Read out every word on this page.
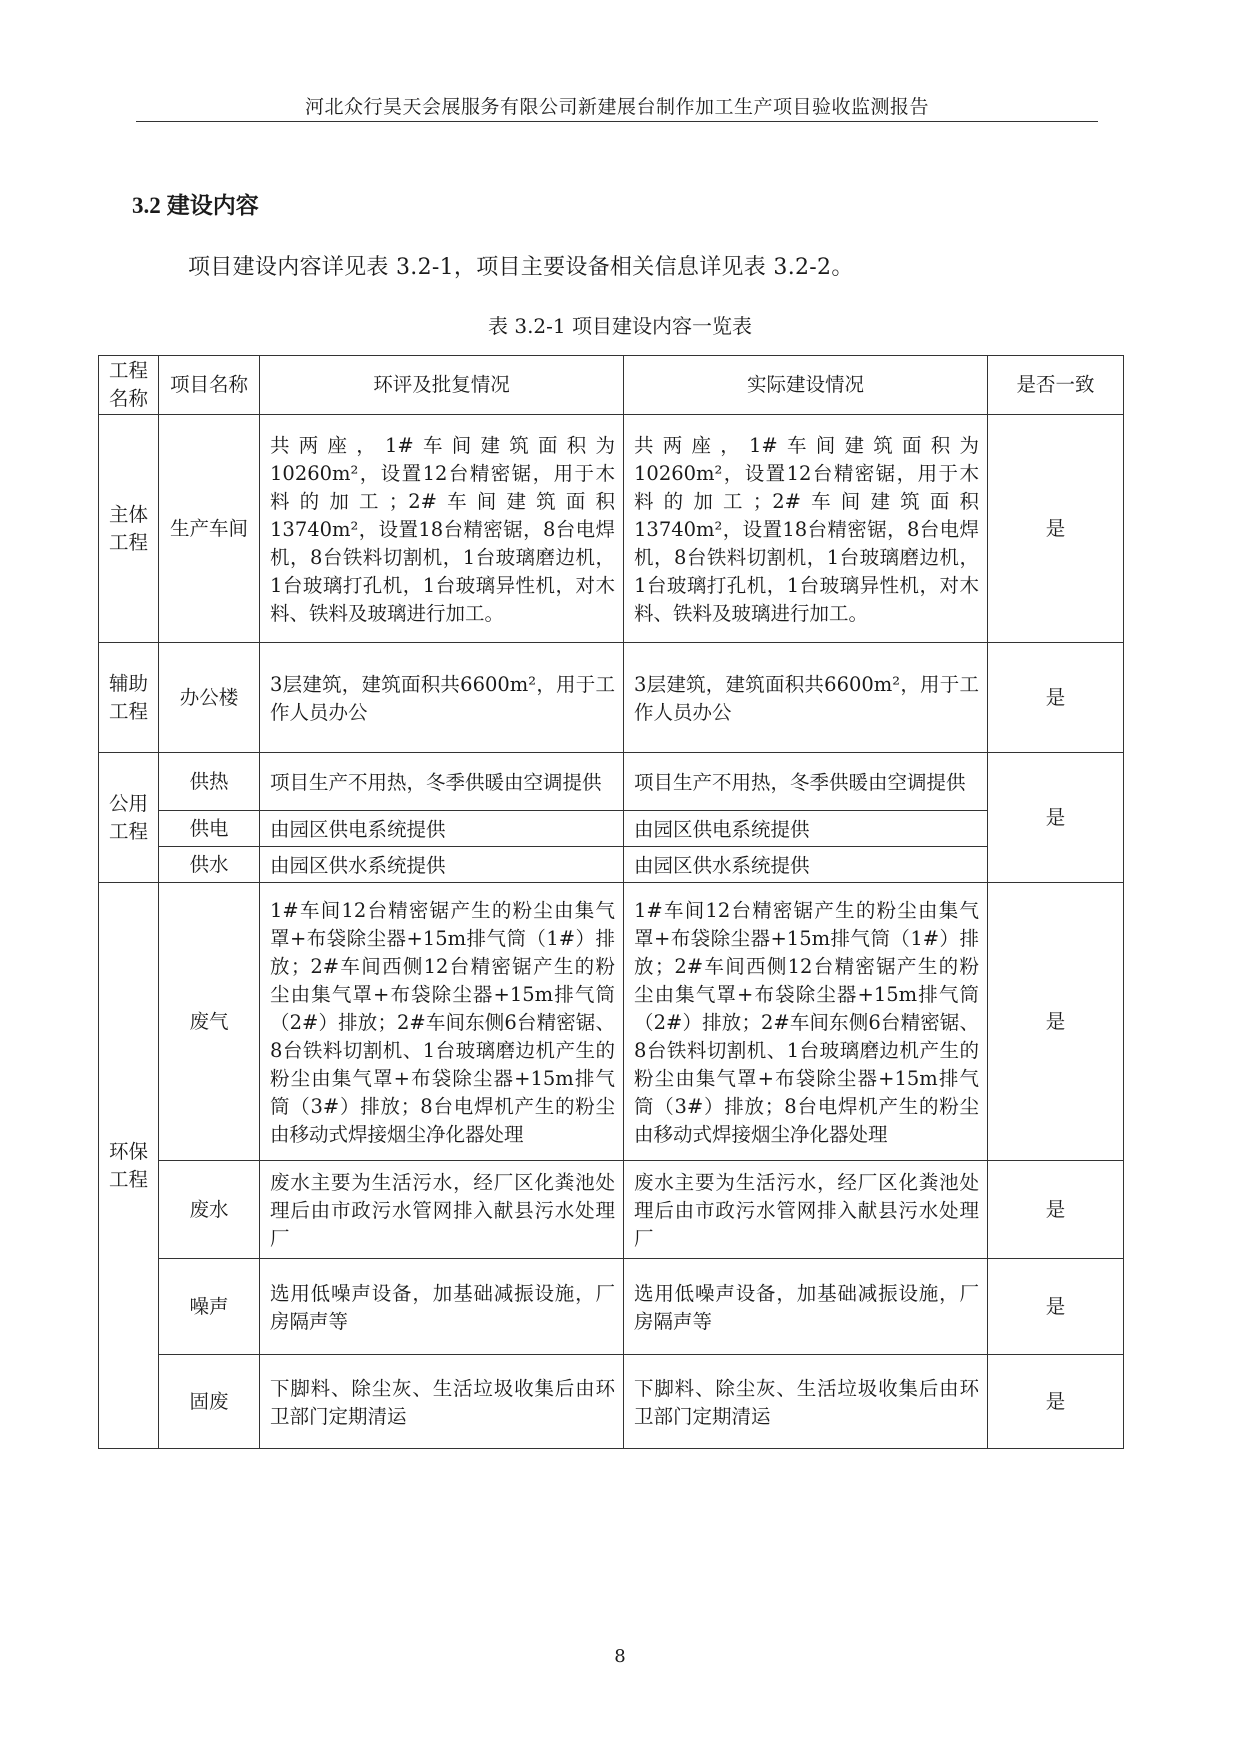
河北众行昊天会展服务有限公司新建展台制作加工生产项目验收监测报告
3.2 建设内容
项目建设内容详见表 3.2-1，项目主要设备相关信息详见表 3.2-2。
表 3.2-1 项目建设内容一览表
工程名称	项目名称	环评及批复情况	实际建设情况	是否一致
主体工程	生产车间	共两座，1#车间建筑面积为10260m²，设置12台精密锯，用于木料的加工；2#车间建筑面积13740m²，设置18台精密锯，8台电焊机，8台铁料切割机，1台玻璃磨边机，1台玻璃打孔机，1台玻璃异性机，对木料、铁料及玻璃进行加工。	共两座，1#车间建筑面积为10260m²，设置12台精密锯，用于木料的加工；2#车间建筑面积13740m²，设置18台精密锯，8台电焊机，8台铁料切割机，1台玻璃磨边机，1台玻璃打孔机，1台玻璃异性机，对木料、铁料及玻璃进行加工。	是
辅助工程	办公楼	3层建筑，建筑面积共6600m²，用于工作人员办公	3层建筑，建筑面积共6600m²，用于工作人员办公	是
公用工程	供热	项目生产不用热，冬季供暖由空调提供	项目生产不用热，冬季供暖由空调提供	是
	供电	由园区供电系统提供	由园区供电系统提供	
	供水	由园区供水系统提供	由园区供水系统提供	
环保工程	废气	1#车间12台精密锯产生的粉尘由集气罩+布袋除尘器+15m排气筒（1#）排放；2#车间西侧12台精密锯产生的粉尘由集气罩+布袋除尘器+15m排气筒（2#）排放；2#车间东侧6台精密锯、8台铁料切割机、1台玻璃磨边机产生的粉尘由集气罩+布袋除尘器+15m排气筒（3#）排放；8台电焊机产生的粉尘由移动式焊接烟尘净化器处理	1#车间12台精密锯产生的粉尘由集气罩+布袋除尘器+15m排气筒（1#）排放；2#车间西侧12台精密锯产生的粉尘由集气罩+布袋除尘器+15m排气筒（2#）排放；2#车间东侧6台精密锯、8台铁料切割机、1台玻璃磨边机产生的粉尘由集气罩+布袋除尘器+15m排气筒（3#）排放；8台电焊机产生的粉尘由移动式焊接烟尘净化器处理	是
	废水	废水主要为生活污水，经厂区化粪池处理后由市政污水管网排入献县污水处理厂	废水主要为生活污水，经厂区化粪池处理后由市政污水管网排入献县污水处理厂	是
	噪声	选用低噪声设备，加基础减振设施，厂房隔声等	选用低噪声设备，加基础减振设施，厂房隔声等	是
	固废	下脚料、除尘灰、生活垃圾收集后由环卫部门定期清运	下脚料、除尘灰、生活垃圾收集后由环卫部门定期清运	是
8
